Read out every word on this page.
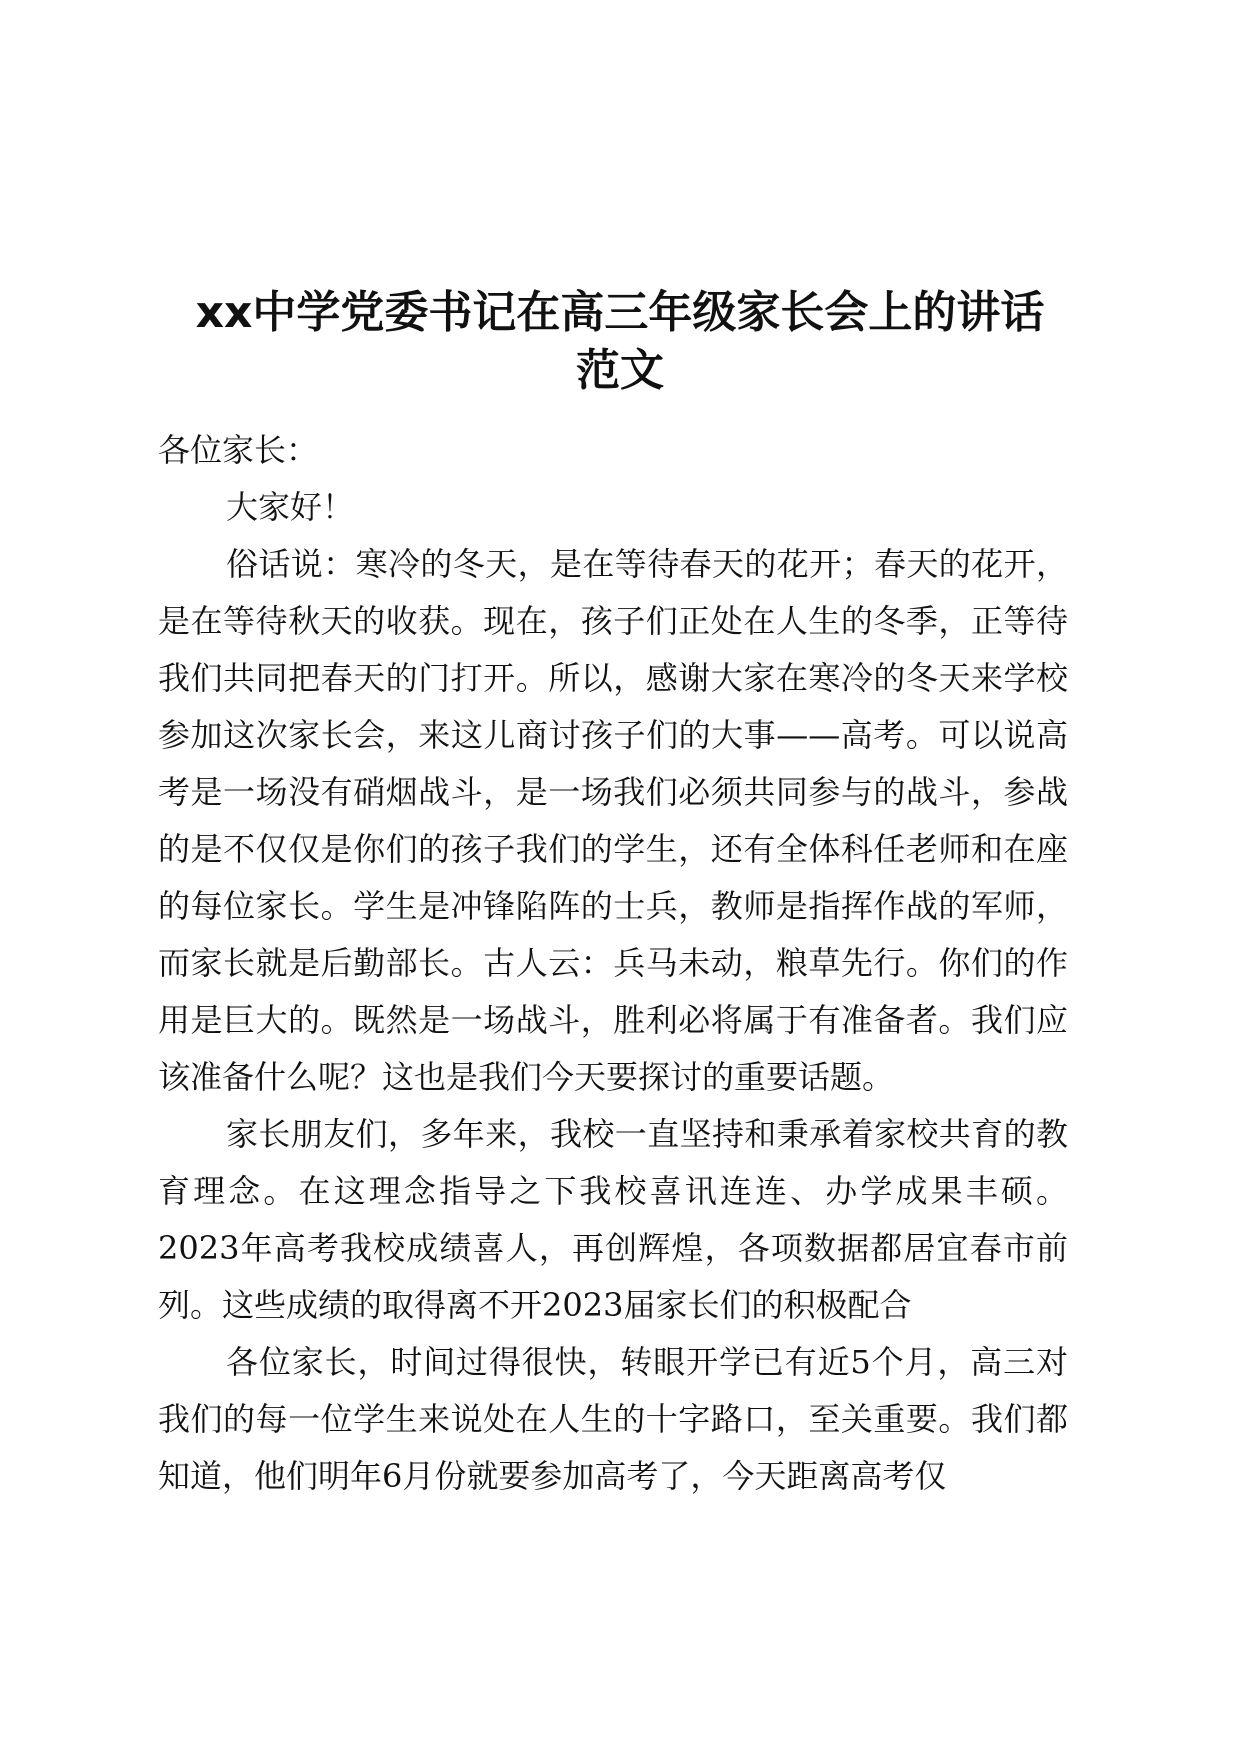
xx中学党委书记在高三年级家长会上的讲话
范文

各位家长：

大家好！

俗话说：寒冷的冬天，是在等待春天的花开；春天的花开，是在等待秋天的收获。现在，孩子们正处在人生的冬季，正等待我们共同把春天的门打开。所以，感谢大家在寒冷的冬天来学校参加这次家长会，来这儿商讨孩子们的大事——高考。可以说高考是一场没有硝烟战斗，是一场我们必须共同参与的战斗，参战的是不仅仅是你们的孩子我们的学生，还有全体科任老师和在座的每位家长。学生是冲锋陷阵的士兵，教师是指挥作战的军师，而家长就是后勤部长。古人云：兵马未动，粮草先行。你们的作用是巨大的。既然是一场战斗，胜利必将属于有准备者。我们应该准备什么呢？这也是我们今天要探讨的重要话题。

家长朋友们，多年来，我校一直坚持和秉承着家校共育的教育理念。在这理念指导之下我校喜讯连连、办学成果丰硕。2023年高考我校成绩喜人，再创辉煌，各项数据都居宜春市前列。这些成绩的取得离不开2023届家长们的积极配合

各位家长，时间过得很快，转眼开学已有近5个月，高三对我们的每一位学生来说处在人生的十字路口，至关重要。我们都知道，他们明年6月份就要参加高考了，今天距离高考仅
